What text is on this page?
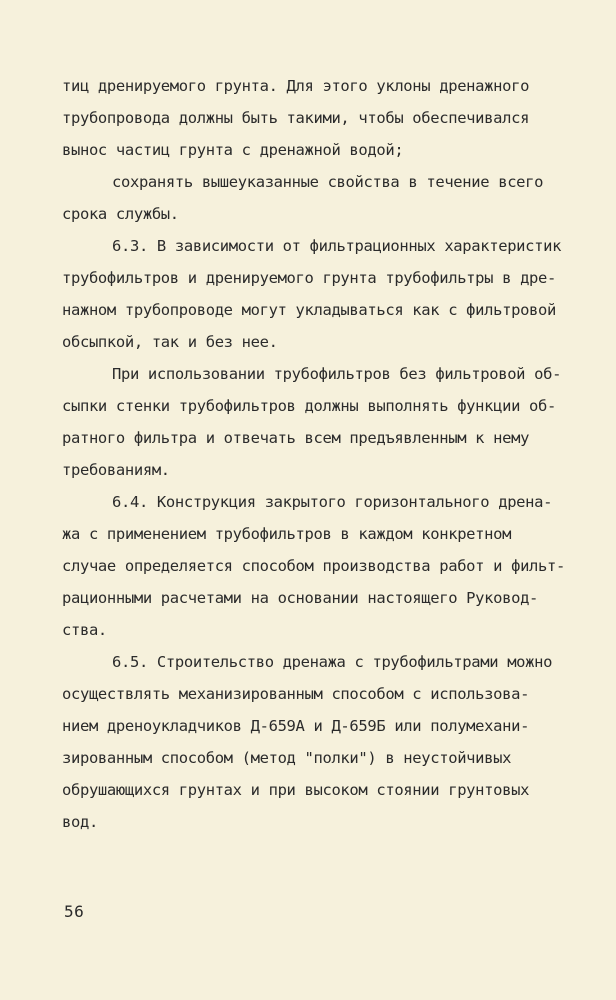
тиц дренируемого грунта. Для этого уклоны дренажного
трубопровода должны быть такими, чтобы обеспечивался
вынос частиц грунта с дренажной водой;
сохранять вышеуказанные свойства в течение всего
срока службы.
6.3. В зависимости от фильтрационных характеристик
трубофильтров и дренируемого грунта трубофильтры в дре-
нажном трубопроводе могут укладываться как с фильтровой
обсыпкой, так и без нее.
При использовании трубофильтров без фильтровой об-
сыпки стенки трубофильтров должны выполнять функции об-
ратного фильтра и отвечать всем предъявленным к нему
требованиям.
6.4. Конструкция закрытого горизонтального дрена-
жа с применением трубофильтров в каждом конкретном
случае определяется способом производства работ и фильт-
рационными расчетами на основании настоящего Руковод-
ства.
6.5. Строительство дренажа с трубофильтрами можно
осуществлять механизированным способом с использова-
нием дреноукладчиков Д-659А и Д-659Б или полумехани-
зированным способом (метод "полки") в неустойчивых
обрушающихся грунтах и при высоком стоянии грунтовых
вод.
56
